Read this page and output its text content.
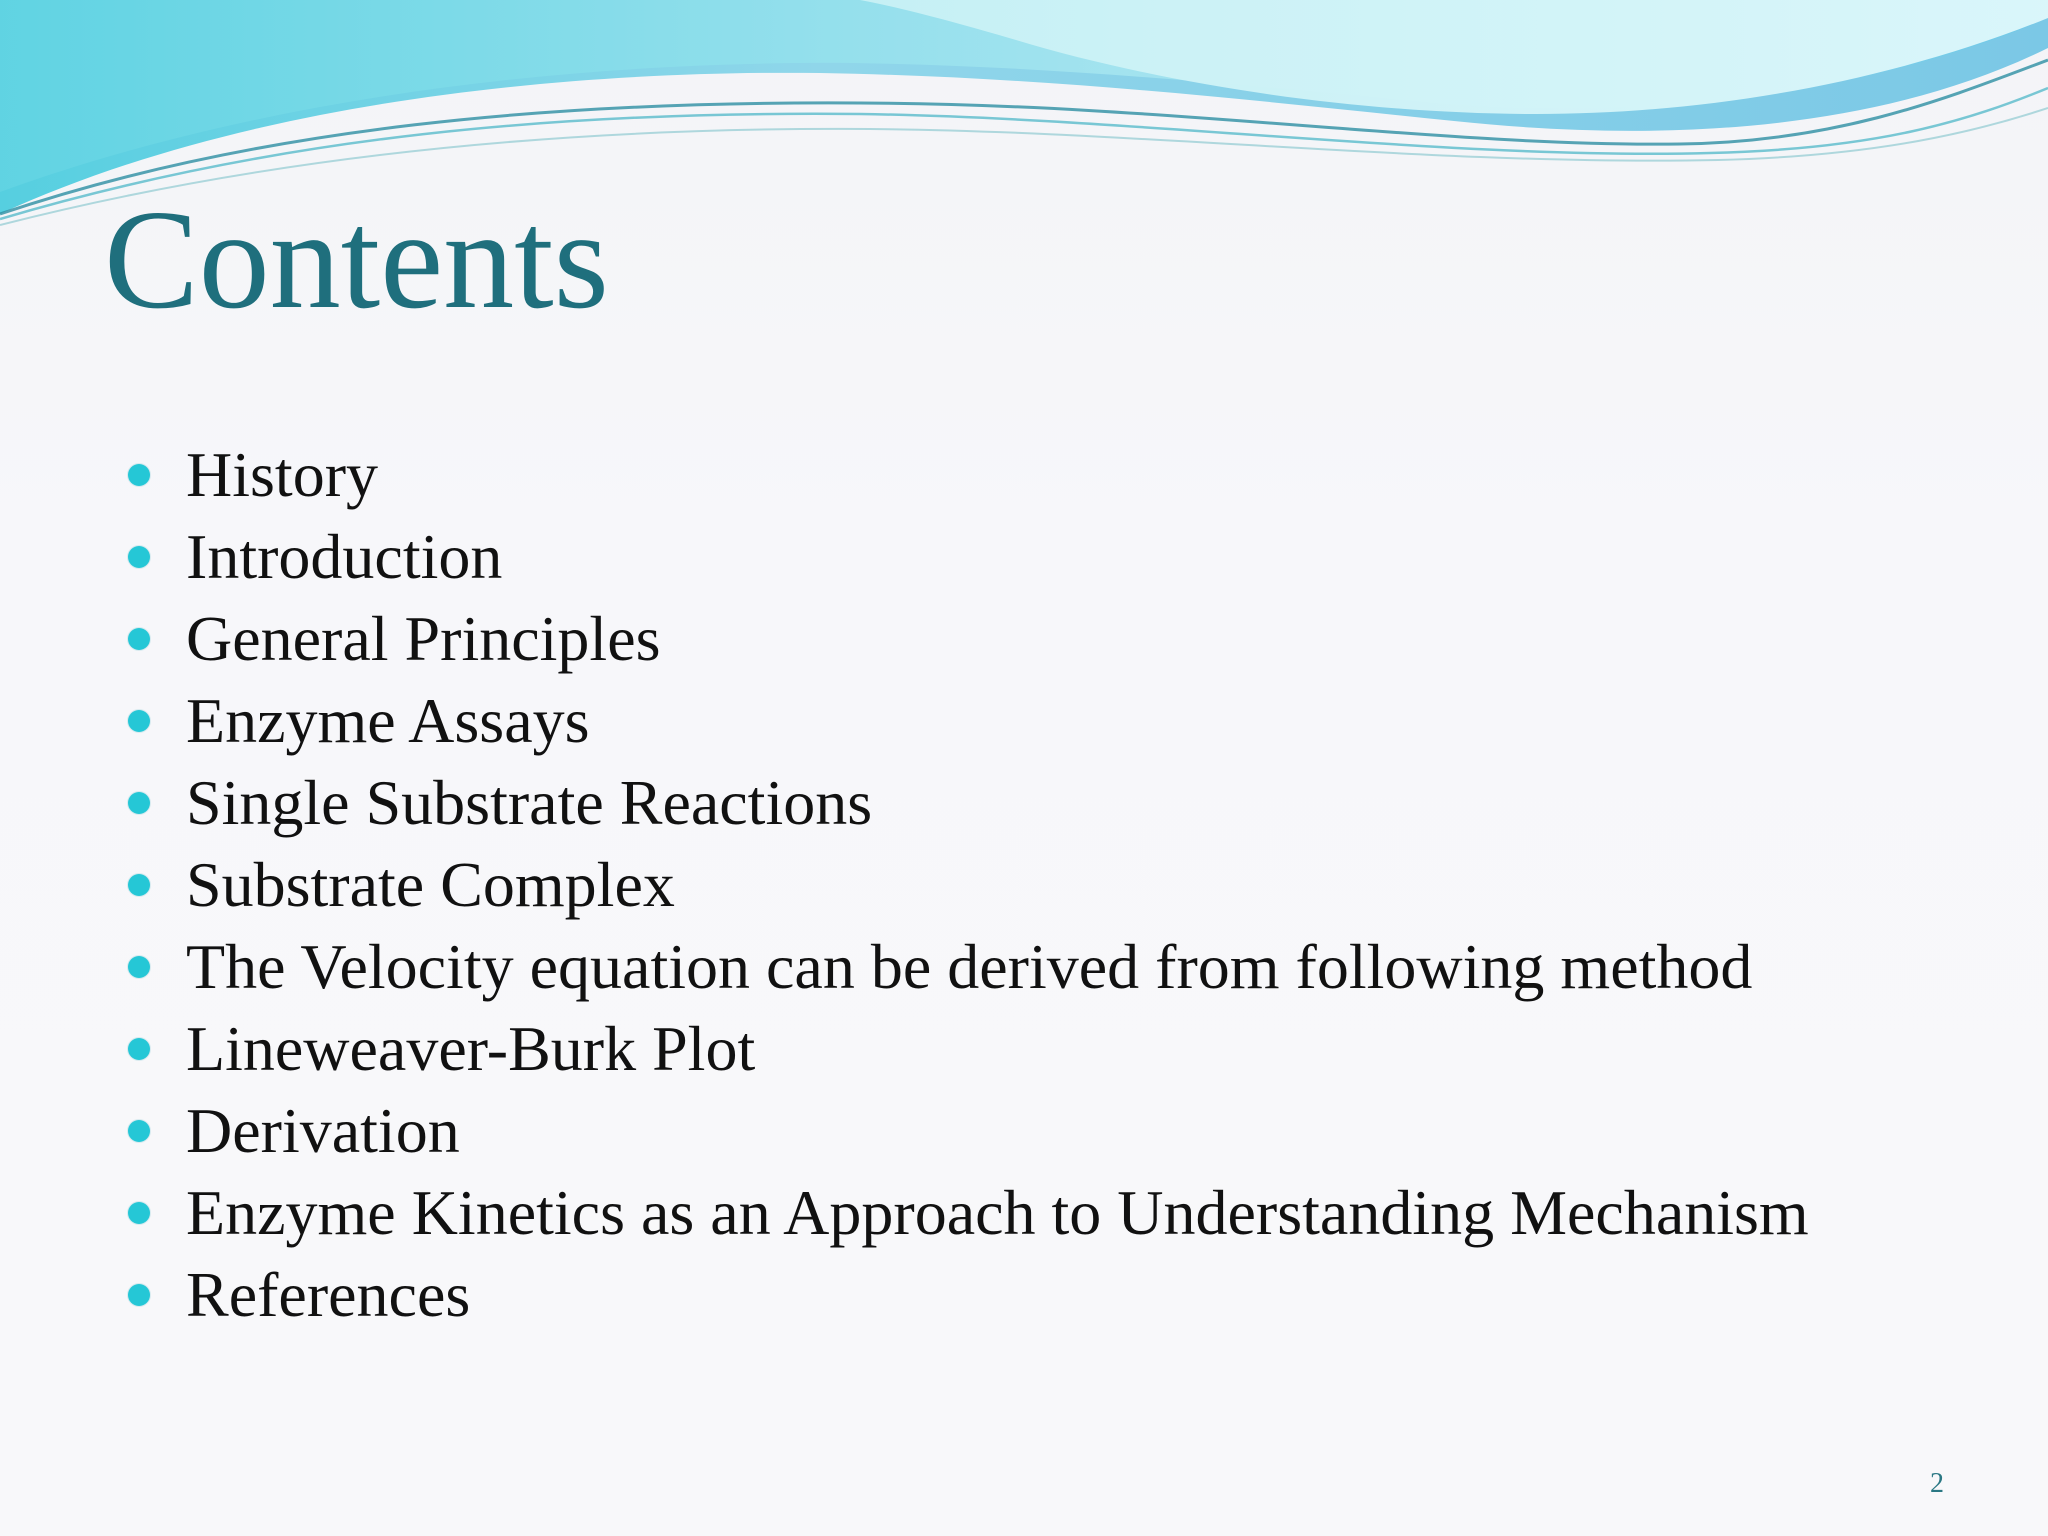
Contents
History
Introduction
General Principles
Enzyme Assays
Single Substrate Reactions
Substrate Complex
The Velocity equation can be derived from following method
Lineweaver-Burk Plot
Derivation
Enzyme Kinetics as an Approach to Understanding Mechanism
References
2
